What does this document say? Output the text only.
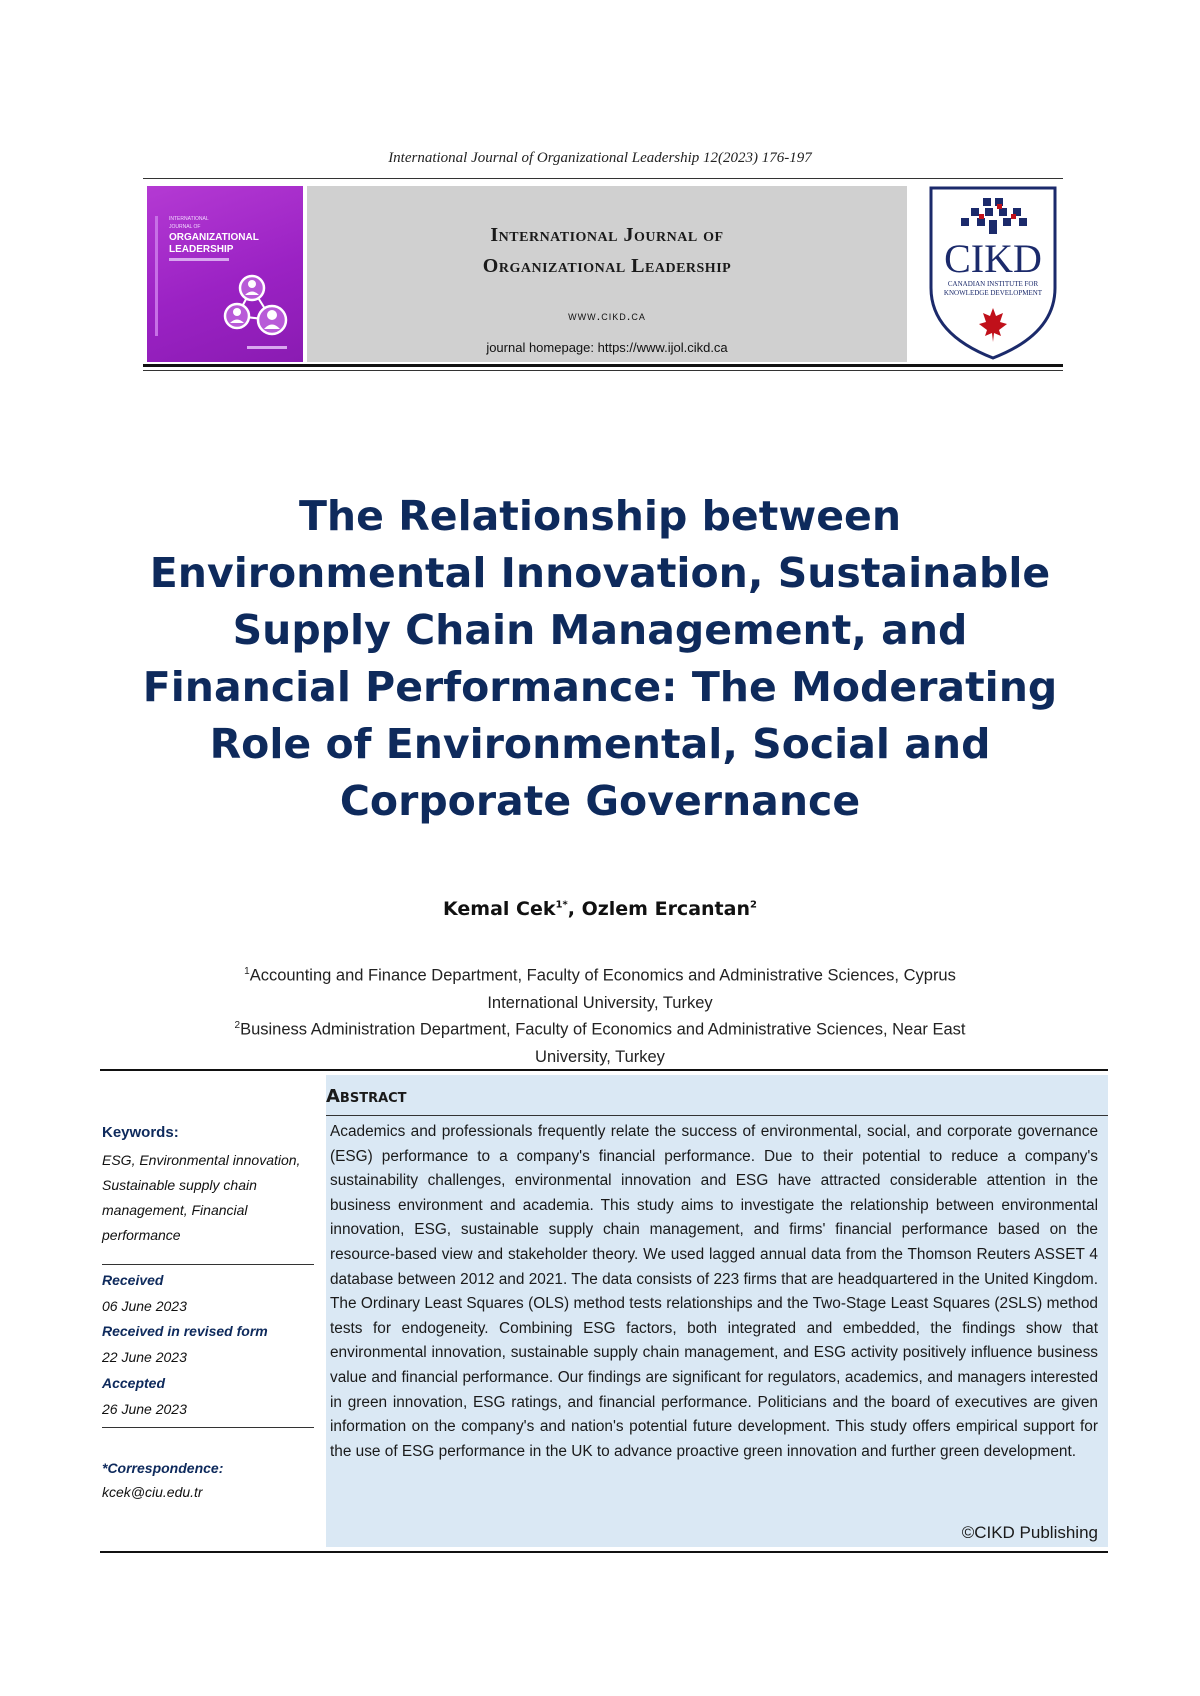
International Journal of Organizational Leadership 12(2023) 176-197
INTERNATIONAL
JOURNAL OF
ORGANIZATIONAL
LEADERSHIP
International Journal of
Organizational Leadership
www.cikd.ca
journal homepage: https://www.ijol.cikd.ca
CIKD
CANADIAN INSTITUTE FOR
KNOWLEDGE DEVELOPMENT
The Relationship between
Environmental Innovation, Sustainable
Supply Chain Management, and
Financial Performance: The Moderating
Role of Environmental, Social and
Corporate Governance
Kemal Cek$^{1*}$, Ozlem Ercantan$^2$
$^1$Accounting and Finance Department, Faculty of Economics and Administrative Sciences, Cyprus
International University, Turkey
$^2$Business Administration Department, Faculty of Economics and Administrative Sciences, Near East
University, Turkey
Abstract
Academics and professionals frequently relate the success of environmental, social, and corporate governance (ESG) performance to a company's financial performance. Due to their potential to reduce a company's sustainability challenges, environmental innovation and ESG have attracted considerable attention in the business environment and academia. This study aims to investigate the relationship between environmental innovation, ESG, sustainable supply chain management, and firms' financial performance based on the resource-based view and stakeholder theory. We used lagged annual data from the Thomson Reuters ASSET 4 database between 2012 and 2021. The data consists of 223 firms that are headquartered in the United Kingdom. The Ordinary Least Squares (OLS) method tests relationships and the Two-Stage Least Squares (2SLS) method tests for endogeneity. Combining ESG factors, both integrated and embedded, the findings show that environmental innovation, sustainable supply chain management, and ESG activity positively influence business value and financial performance. Our findings are significant for regulators, academics, and managers interested in green innovation, ESG ratings, and financial performance. Politicians and the board of executives are given information on the company's and nation's potential future development. This study offers empirical support for the use of ESG performance in the UK to advance proactive green innovation and further green development.
©CIKD Publishing
Keywords:
ESG, Environmental innovation, Sustainable supply chain management, Financial performance
Received
06 June 2023
Received in revised form
22 June 2023
Accepted
26 June 2023
*Correspondence:
kcek@ciu.edu.tr
